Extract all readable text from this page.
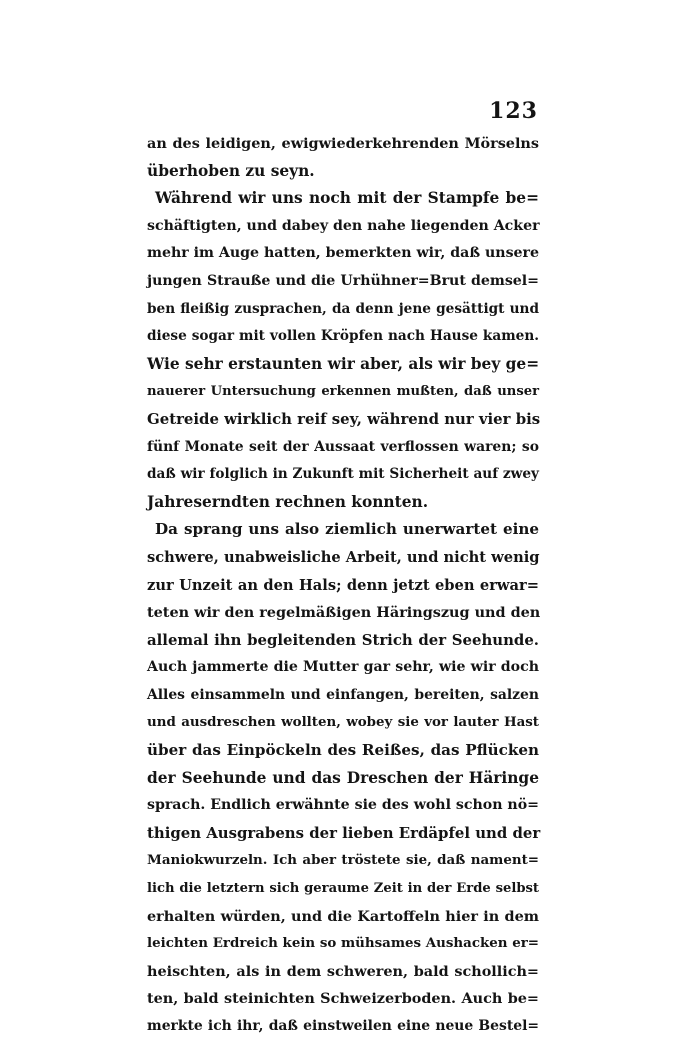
123

an des leidigen, ewigwiederkehrenden Mörselns
überhoben zu seyn.
Während wir uns noch mit der Stampfe be=
schäftigten, und dabey den nahe liegenden Acker
mehr im Auge hatten, bemerkten wir, daß unsere
jungen Strauße und die Urhühner=Brut demsel=
ben fleißig zusprachen, da denn jene gesättigt und
diese sogar mit vollen Kröpfen nach Hause kamen.
Wie sehr erstaunten wir aber, als wir bey ge=
nauerer Untersuchung erkennen mußten, daß unser
Getreide wirklich reif sey, während nur vier bis
fünf Monate seit der Aussaat verflossen waren; so
daß wir folglich in Zukunft mit Sicherheit auf zwey
Jahreserndten rechnen konnten.
Da sprang uns also ziemlich unerwartet eine
schwere, unabweisliche Arbeit, und nicht wenig
zur Unzeit an den Hals; denn jetzt eben erwar=
teten wir den regelmäßigen Häringszug und den
allemal ihn begleitenden Strich der Seehunde.
Auch jammerte die Mutter gar sehr, wie wir doch
Alles einsammeln und einfangen, bereiten, salzen
und ausdreschen wollten, wobey sie vor lauter Hast
über das Einpöckeln des Reißes, das Pflücken
der Seehunde und das Dreschen der Häringe
sprach. Endlich erwähnte sie des wohl schon nö=
thigen Ausgrabens der lieben Erdäpfel und der
Maniokwurzeln. Ich aber tröstete sie, daß nament=
lich die letztern sich geraume Zeit in der Erde selbst
erhalten würden, und die Kartoffeln hier in dem
leichten Erdreich kein so mühsames Aushacken er=
heischten, als in dem schweren, bald schollich=
ten, bald steinichten Schweizerboden. Auch be=
merkte ich ihr, daß einstweilen eine neue Bestel=
